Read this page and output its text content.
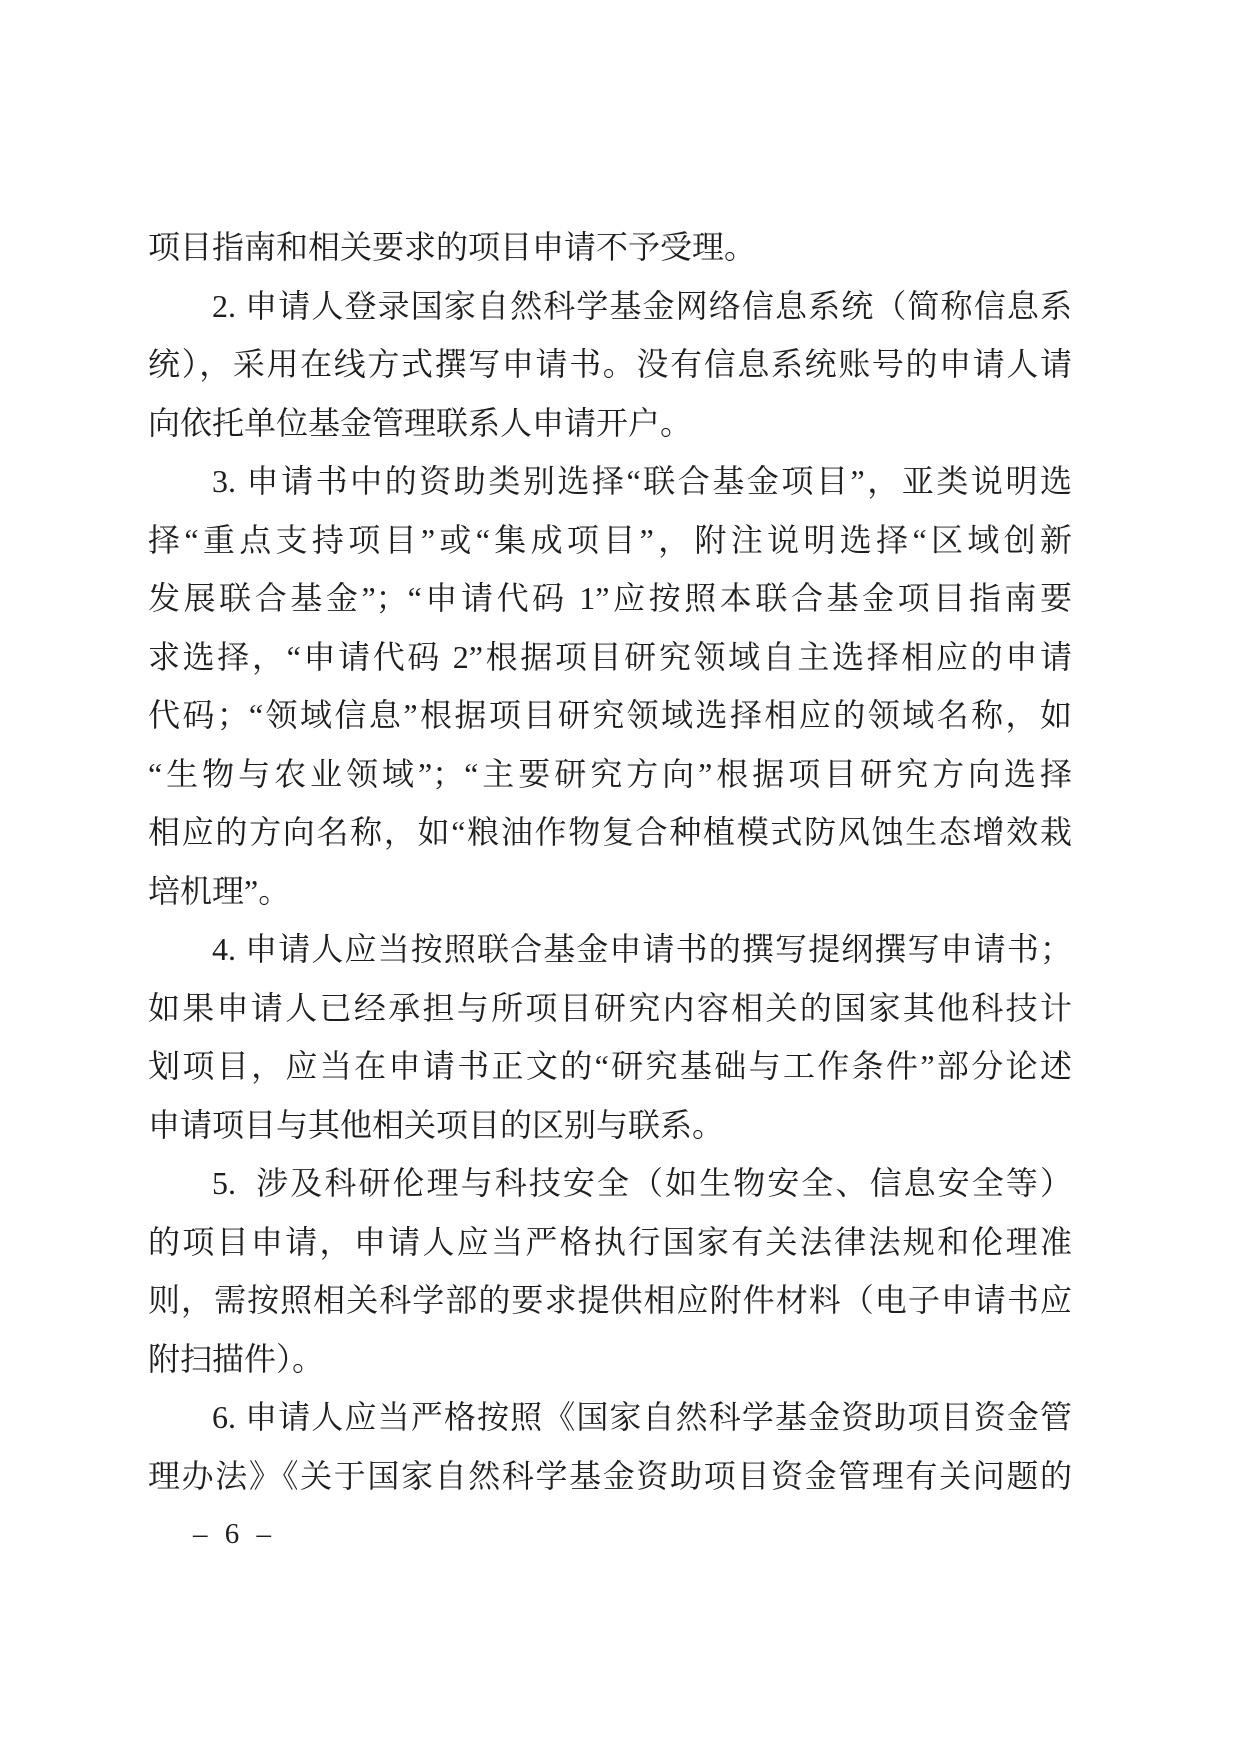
项目指南和相关要求的项目申请不予受理。
2. 申请人登录国家自然科学基金网络信息系统（简称信息系
统），采用在线方式撰写申请书。没有信息系统账号的申请人请
向依托单位基金管理联系人申请开户。
3. 申请书中的资助类别选择“联合基金项目”，亚类说明选
择“重点支持项目”或“集成项目”，附注说明选择“区域创新
发展联合基金”；“申请代码 1”应按照本联合基金项目指南要
求选择，“申请代码 2”根据项目研究领域自主选择相应的申请
代码；“领域信息”根据项目研究领域选择相应的领域名称，如
“生物与农业领域”；“主要研究方向”根据项目研究方向选择
相应的方向名称，如“粮油作物复合种植模式防风蚀生态增效栽
培机理”。
4. 申请人应当按照联合基金申请书的撰写提纲撰写申请书；
如果申请人已经承担与所项目研究内容相关的国家其他科技计
划项目，应当在申请书正文的“研究基础与工作条件”部分论述
申请项目与其他相关项目的区别与联系。
5.  涉及科研伦理与科技安全（如生物安全、信息安全等）
的项目申请，申请人应当严格执行国家有关法律法规和伦理准
则，需按照相关科学部的要求提供相应附件材料（电子申请书应
附扫描件）。
6. 申请人应当严格按照《国家自然科学基金资助项目资金管
理办法》《关于国家自然科学基金资助项目资金管理有关问题的
– 6 –
